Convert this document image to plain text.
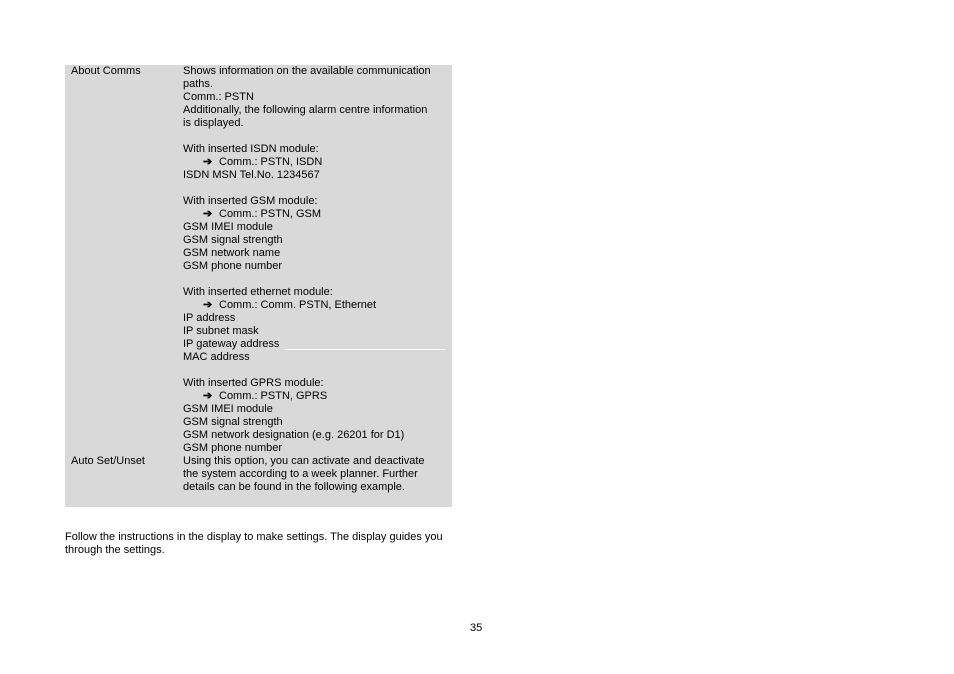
About Comms	Shows information on the available communication
paths.
Comm.: PSTN
Additionally, the following alarm centre information
is displayed.
With inserted ISDN module:
➔ Comm.: PSTN, ISDN
ISDN MSN Tel.No. 1234567
With inserted GSM module:
➔ Comm.: PSTN, GSM
GSM IMEI module
GSM signal strength
GSM network name
GSM phone number
With inserted ethernet module:
➔ Comm.: Comm. PSTN, Ethernet
IP address
IP subnet mask
IP gateway address
MAC address
With inserted GPRS module:
➔ Comm.: PSTN, GPRS
GSM IMEI module
GSM signal strength
GSM network designation (e.g. 26201 for D1)
GSM phone number
Auto Set/Unset	Using this option, you can activate and deactivate
the system according to a week planner. Further
details can be found in the following example.
Follow the instructions in the display to make settings. The display guides you through the settings.
35
